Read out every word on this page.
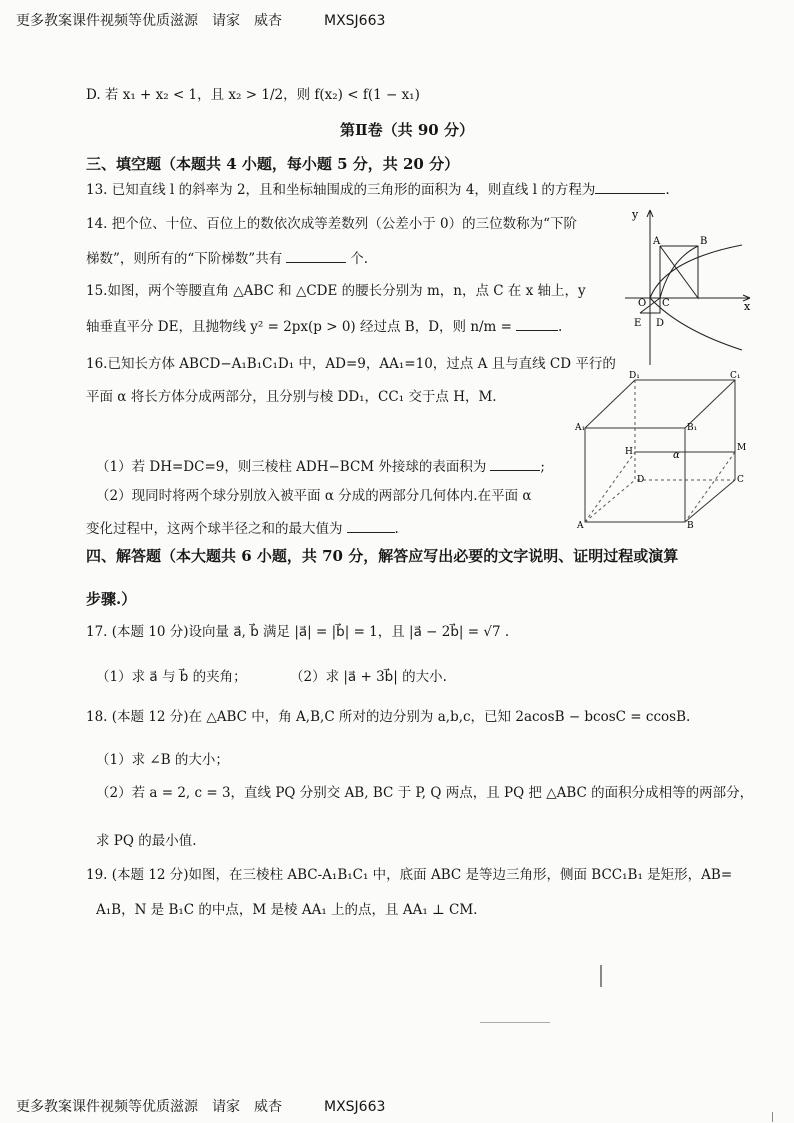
更多教案课件视频等优质滋源　请家　威杏　　　MXSJ663
D. 若 x₁ + x₂ < 1，且 x₂ > 1/2，则 f(x₂) < f(1 − x₁)
第Ⅱ卷（共 90 分）
三、填空题（本题共 4 小题，每小题 5 分，共 20 分）
13. 已知直线 l 的斜率为 2，且和坐标轴围成的三角形的面积为 4，则直线 l 的方程为	.
14. 把个位、十位、百位上的数依次成等差数列（公差小于 0）的三位数称为“下阶
梯数”，则所有的“下阶梯数”共有	个.
15.如图，两个等腰直角 △ABC 和 △CDE 的腰长分别为 m，n，点 C 在 x 轴上，y
轴垂直平分 DE，且抛物线 y² = 2px(p > 0) 经过点 B，D，则 n/m =	.
y
x
A	B
O C
E D
16.已知长方体 ABCD−A₁B₁C₁D₁ 中，AD=9，AA₁=10，过点 A 且与直线 CD 平行的
平面 α 将长方体分成两部分，且分别与棱 DD₁，CC₁ 交于点 H，M.
（1）若 DH=DC=9，则三棱柱 ADH−BCM 外接球的表面积为	;
（2）现同时将两个球分别放入被平面 α 分成的两部分几何体内.在平面 α
变化过程中，这两个球半径之和的最大值为	.
D₁	C₁
A₁	B₁
H	M
α
D	C
A	B
四、解答题（本大题共 6 小题，共 70 分，解答应写出必要的文字说明、证明过程或演算
步骤.）
17. (本题 10 分)设向量 a⃗, b⃗ 满足 |a⃗| = |b⃗| = 1，且 |a⃗ − 2b⃗| = √7 .
（1）求 a⃗ 与 b⃗ 的夹角；	（2）求 |a⃗ + 3b⃗| 的大小.
18. (本题 12 分)在 △ABC 中，角 A,B,C 所对的边分别为 a,b,c，已知 2acosB − bcosC = ccosB.
（1）求 ∠B 的大小；
（2）若 a = 2, c = 3，直线 PQ 分别交 AB, BC 于 P, Q 两点，且 PQ 把 △ABC 的面积分成相等的两部分，
求 PQ 的最小值.
19. (本题 12 分)如图，在三棱柱 ABC-A₁B₁C₁ 中，底面 ABC 是等边三角形，侧面 BCC₁B₁ 是矩形，AB=
A₁B，N 是 B₁C 的中点，M 是棱 AA₁ 上的点，且 AA₁ ⊥ CM.
更多教案课件视频等优质滋源　请家　威杏　　　MXSJ663
